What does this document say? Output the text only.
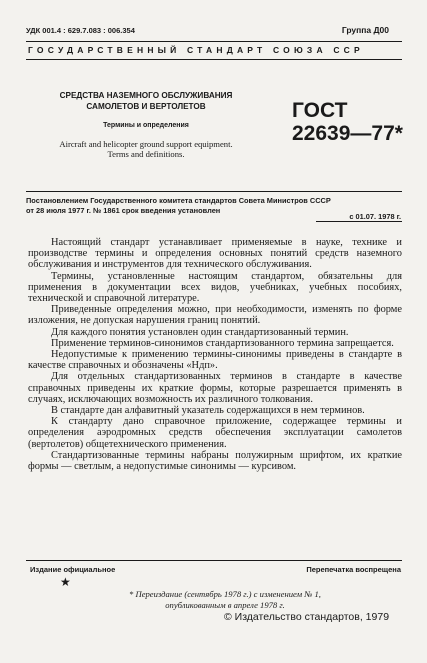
УДК 001.4 : 629.7.083 : 006.354	Группа Д00
ГОСУДАРСТВЕННЫЙ СТАНДАРТ СОЮЗА ССР
СРЕДСТВА НАЗЕМНОГО ОБСЛУЖИВАНИЯ
САМОЛЕТОВ И ВЕРТОЛЕТОВ
Термины и определения
Aircraft and helicopter ground support equipment.
Terms and definitions.
ГОСТ
22639—77*
Постановлением Государственного комитета стандартов Совета Министров СССР
от 28 июля 1977 г. № 1861 срок введения установлен
с 01.07. 1978 г.

Настоящий стандарт устанавливает применяемые в науке, технике и производстве термины и определения основных понятий средств наземного обслуживания и инструментов для технического обслуживания.

Термины, установленные настоящим стандартом, обязательны для применения в документации всех видов, учебниках, учебных пособиях, технической и справочной литературе.

Приведенные определения можно, при необходимости, изменять по форме изложения, не допуская нарушения границ понятий.

Для каждого понятия установлен один стандартизованный термин.

Применение терминов-синонимов стандартизованного термина запрещается.

Недопустимые к применению термины-синонимы приведены в стандарте в качестве справочных и обозначены «Ндп».

Для отдельных стандартизованных терминов в стандарте в качестве справочных приведены их краткие формы, которые разрешается применять в случаях, исключающих возможность их различного толкования.

В стандарте дан алфавитный указатель содержащихся в нем терминов.

К стандарту дано справочное приложение, содержащее термины и определения аэродромных средств обеспечения эксплуатации самолетов (вертолетов) общетехнического применения.

Стандартизованные термины набраны полужирным шрифтом, их краткие формы — светлым, а недопустимые синонимы — курсивом.

Издание официальное	Перепечатка воспрещена
★
* Переиздание (сентябрь 1978 г.) с изменением № 1,
опубликованным в апреле 1978 г.
© Издательство стандартов, 1979
